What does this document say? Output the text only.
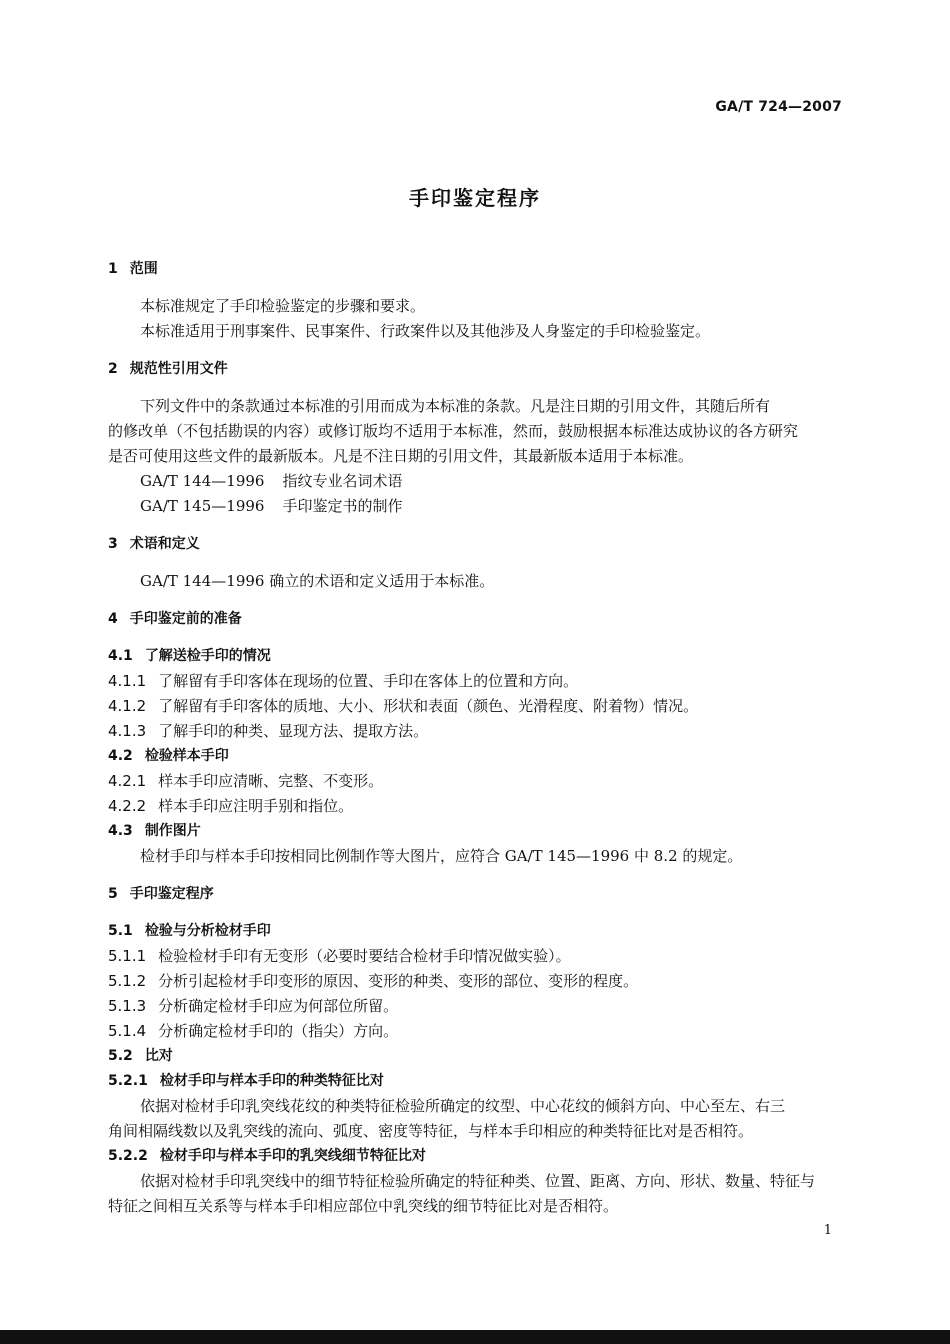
GA/T 724—2007
手印鉴定程序
1 范围
本标准规定了手印检验鉴定的步骤和要求。
本标准适用于刑事案件、民事案件、行政案件以及其他涉及人身鉴定的手印检验鉴定。
2 规范性引用文件
下列文件中的条款通过本标准的引用而成为本标准的条款。凡是注日期的引用文件，其随后所有
的修改单（不包括勘误的内容）或修订版均不适用于本标准，然而，鼓励根据本标准达成协议的各方研究
是否可使用这些文件的最新版本。凡是不注日期的引用文件，其最新版本适用于本标准。
GA/T 144—1996 指纹专业名词术语
GA/T 145—1996 手印鉴定书的制作
3 术语和定义
GA/T 144—1996 确立的术语和定义适用于本标准。
4 手印鉴定前的准备
4.1 了解送检手印的情况
4.1.1 了解留有手印客体在现场的位置、手印在客体上的位置和方向。
4.1.2 了解留有手印客体的质地、大小、形状和表面（颜色、光滑程度、附着物）情况。
4.1.3 了解手印的种类、显现方法、提取方法。
4.2 检验样本手印
4.2.1 样本手印应清晰、完整、不变形。
4.2.2 样本手印应注明手别和指位。
4.3 制作图片
检材手印与样本手印按相同比例制作等大图片，应符合 GA/T 145—1996 中 8.2 的规定。
5 手印鉴定程序
5.1 检验与分析检材手印
5.1.1 检验检材手印有无变形（必要时要结合检材手印情况做实验）。
5.1.2 分析引起检材手印变形的原因、变形的种类、变形的部位、变形的程度。
5.1.3 分析确定检材手印应为何部位所留。
5.1.4 分析确定检材手印的（指尖）方向。
5.2 比对
5.2.1 检材手印与样本手印的种类特征比对
依据对检材手印乳突线花纹的种类特征检验所确定的纹型、中心花纹的倾斜方向、中心至左、右三
角间相隔线数以及乳突线的流向、弧度、密度等特征，与样本手印相应的种类特征比对是否相符。
5.2.2 检材手印与样本手印的乳突线细节特征比对
依据对检材手印乳突线中的细节特征检验所确定的特征种类、位置、距离、方向、形状、数量、特征与
特征之间相互关系等与样本手印相应部位中乳突线的细节特征比对是否相符。
1
